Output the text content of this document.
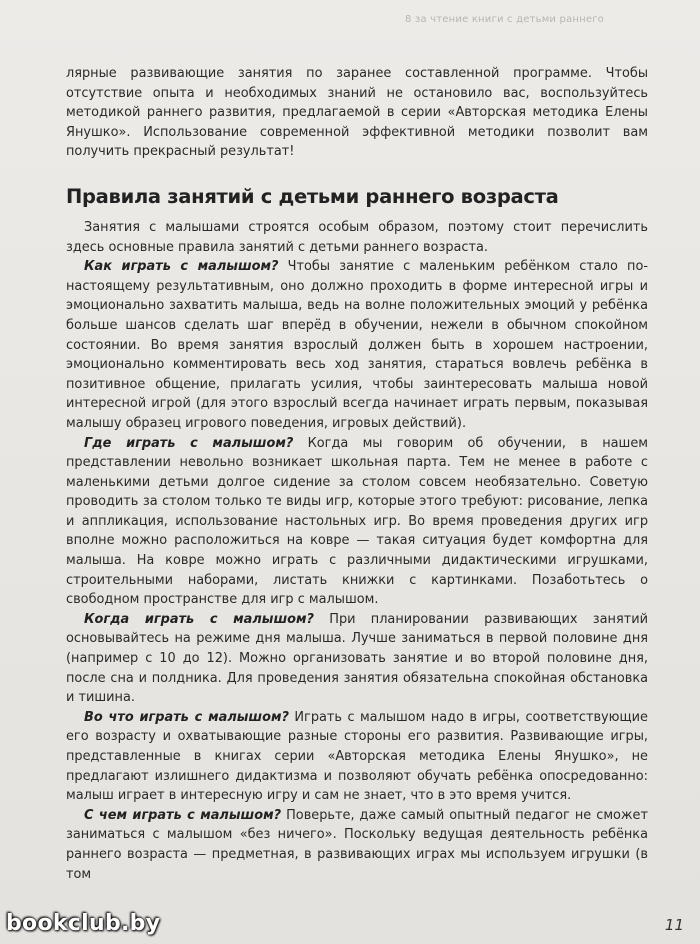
8 за чтение книги с детьми раннего

лярные развивающие занятия по заранее составленной программе. Чтобы отсутствие опыта и необходимых знаний не остановило вас, воспользуйтесь методикой раннего развития, предлагаемой в серии «Авторская методика Елены Янушко». Использование современной эффективной методики позволит вам получить прекрасный результат!

Правила занятий с детьми раннего возраста

Занятия с малышами строятся особым образом, поэтому стоит перечислить здесь основные правила занятий с детьми раннего возраста.

Как играть с малышом? Чтобы занятие с маленьким ребёнком стало по-настоящему результативным, оно должно проходить в форме интересной игры и эмоционально захватить малыша, ведь на волне положительных эмоций у ребёнка больше шансов сделать шаг вперёд в обучении, нежели в обычном спокойном состоянии. Во время занятия взрослый должен быть в хорошем настроении, эмоционально комментировать весь ход занятия, стараться вовлечь ребёнка в позитивное общение, прилагать усилия, чтобы заинтересовать малыша новой интересной игрой (для этого взрослый всегда начинает играть первым, показывая малышу образец игрового поведения, игровых действий).

Где играть с малышом? Когда мы говорим об обучении, в нашем представлении невольно возникает школьная парта. Тем не менее в работе с маленькими детьми долгое сидение за столом совсем необязательно. Советую проводить за столом только те виды игр, которые этого требуют: рисование, лепка и аппликация, использование настольных игр. Во время проведения других игр вполне можно расположиться на ковре — такая ситуация будет комфортна для малыша. На ковре можно играть с различными дидактическими игрушками, строительными наборами, листать книжки с картинками. Позаботьтесь о свободном пространстве для игр с малышом.

Когда играть с малышом? При планировании развивающих занятий основывайтесь на режиме дня малыша. Лучше заниматься в первой половине дня (например с 10 до 12). Можно организовать занятие и во второй половине дня, после сна и полдника. Для проведения занятия обязательна спокойная обстановка и тишина.

Во что играть с малышом? Играть с малышом надо в игры, соответствующие его возрасту и охватывающие разные стороны его развития. Развивающие игры, представленные в книгах серии «Авторская методика Елены Янушко», не предлагают излишнего дидактизма и позволяют обучать ребёнка опосредованно: малыш играет в интересную игру и сам не знает, что в это время учится.

С чем играть с малышом? Поверьте, даже самый опытный педагог не сможет заниматься с малышом «без ничего». Поскольку ведущая деятельность ребёнка раннего возраста — предметная, в развивающих играх мы используем игрушки (в том

11
bookclub.by
